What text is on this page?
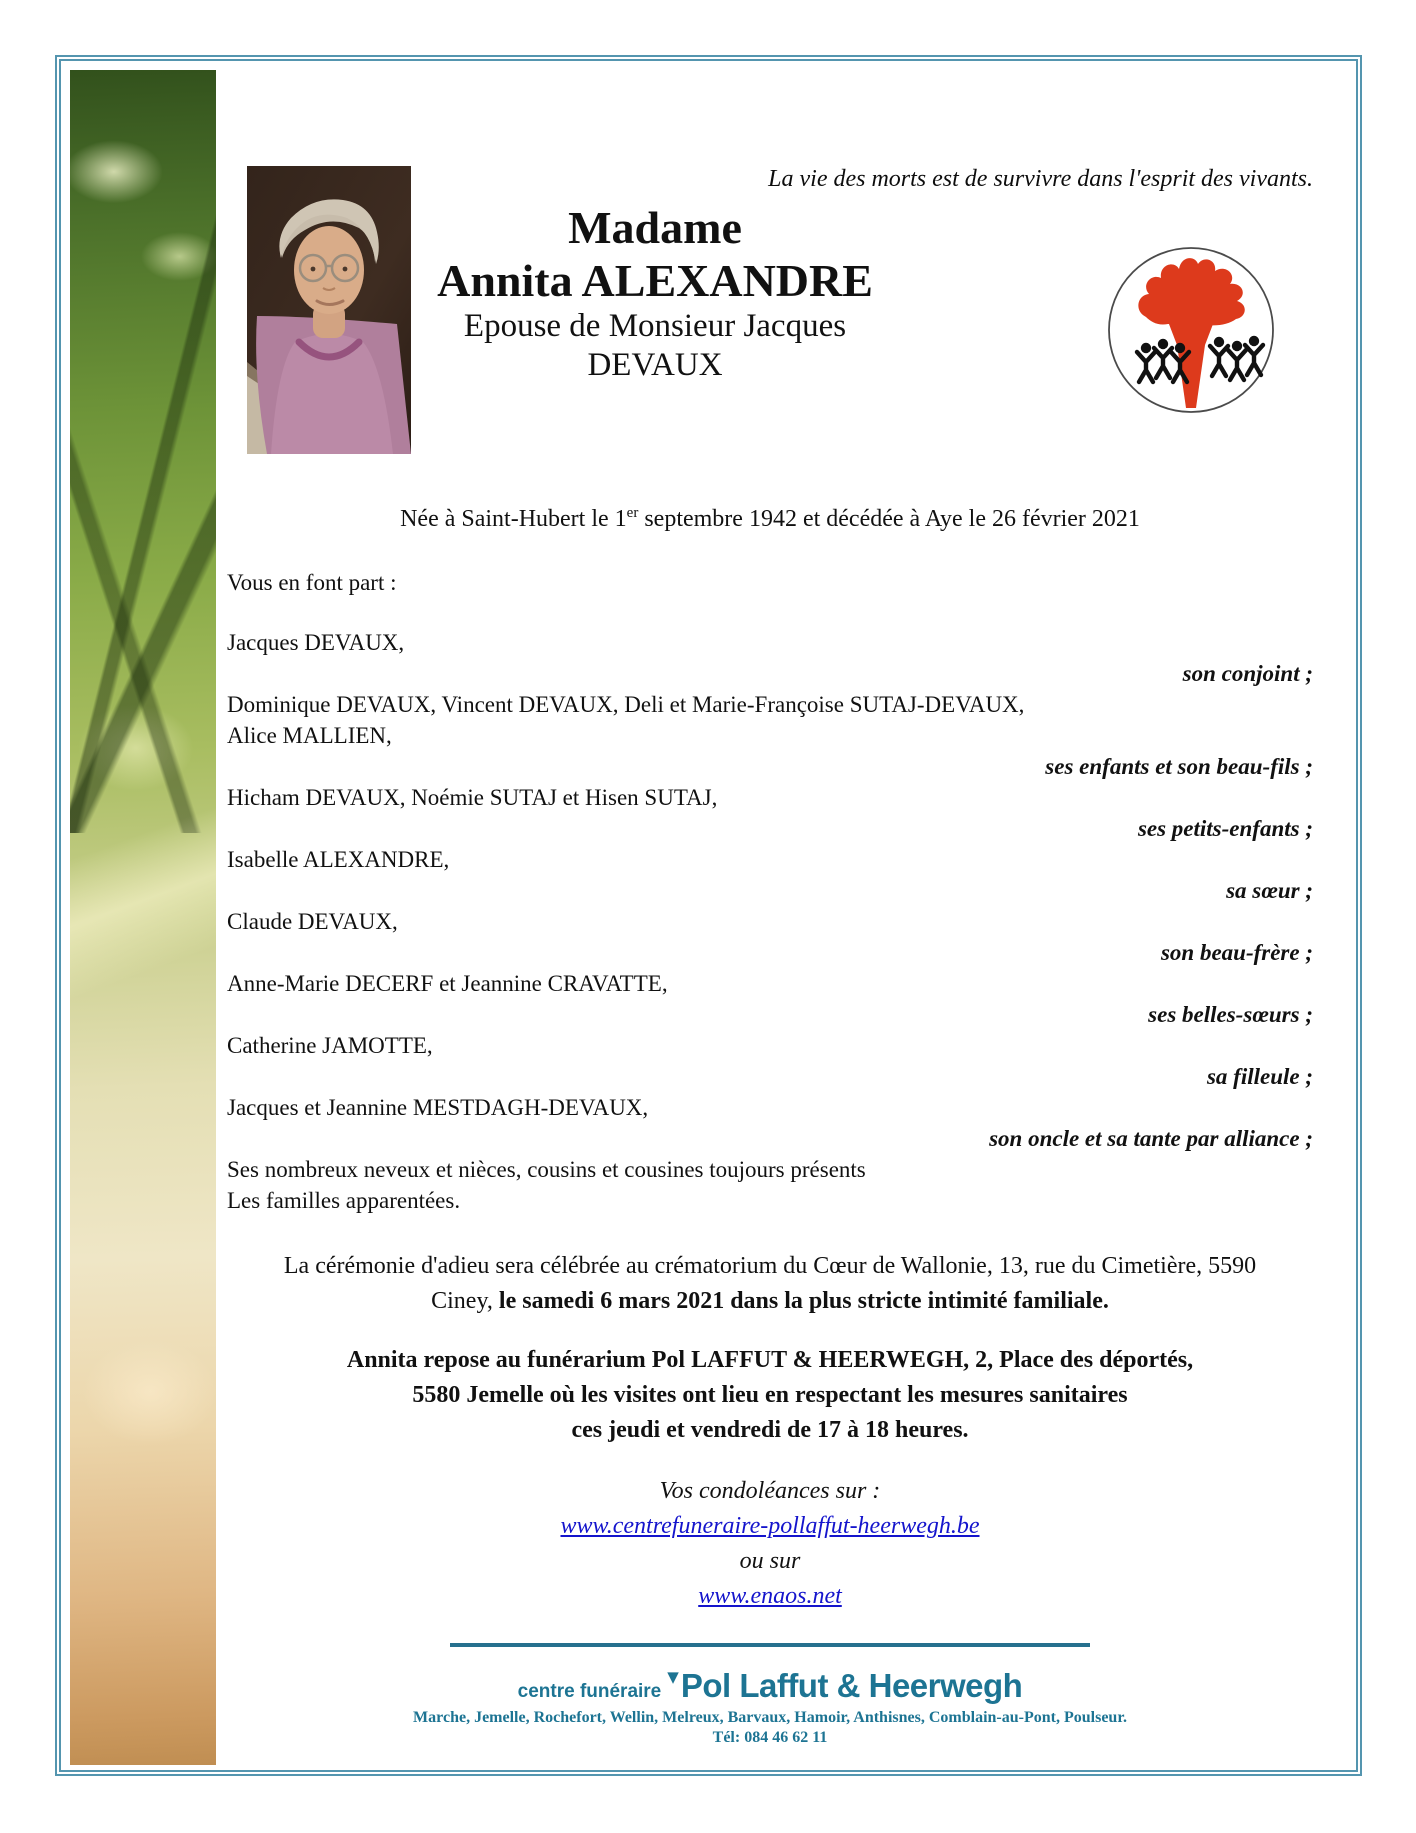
La vie des morts est de survivre dans l'esprit des vivants.
Madame
Annita ALEXANDRE
Epouse de Monsieur Jacques
DEVAUX
Née à Saint-Hubert le 1er septembre 1942 et décédée à Aye le 26 février 2021
Vous en font part :
Jacques DEVAUX,
son conjoint ;
Dominique DEVAUX, Vincent DEVAUX, Deli et Marie-Françoise SUTAJ-DEVAUX,
Alice MALLIEN,
ses enfants et son beau-fils ;
Hicham DEVAUX, Noémie SUTAJ et Hisen SUTAJ,
ses petits-enfants ;
Isabelle ALEXANDRE,
sa sœur ;
Claude DEVAUX,
son beau-frère ;
Anne-Marie DECERF et Jeannine CRAVATTE,
ses belles-sœurs ;
Catherine JAMOTTE,
sa filleule ;
Jacques et Jeannine MESTDAGH-DEVAUX,
son oncle et sa tante par alliance ;
Ses nombreux neveux et nièces, cousins et cousines toujours présents
Les familles apparentées.

La cérémonie d'adieu sera célébrée au crématorium du Cœur de Wallonie, 13, rue du Cimetière, 5590 Ciney, le samedi 6 mars 2021 dans la plus stricte intimité familiale.

Annita repose au funérarium Pol LAFFUT & HEERWEGH, 2, Place des déportés,
5580 Jemelle où les visites ont lieu en respectant les mesures sanitaires
ces jeudi et vendredi de 17 à 18 heures.
Vos condoléances sur :
www.centrefuneraire-pollaffut-heerwegh.be
ou sur
www.enaos.net
centre funéraire▼Pol Laffut & Heerwegh
Marche, Jemelle, Rochefort, Wellin, Melreux, Barvaux, Hamoir, Anthisnes, Comblain-au-Pont, Poulseur.
Tél: 084 46 62 11
